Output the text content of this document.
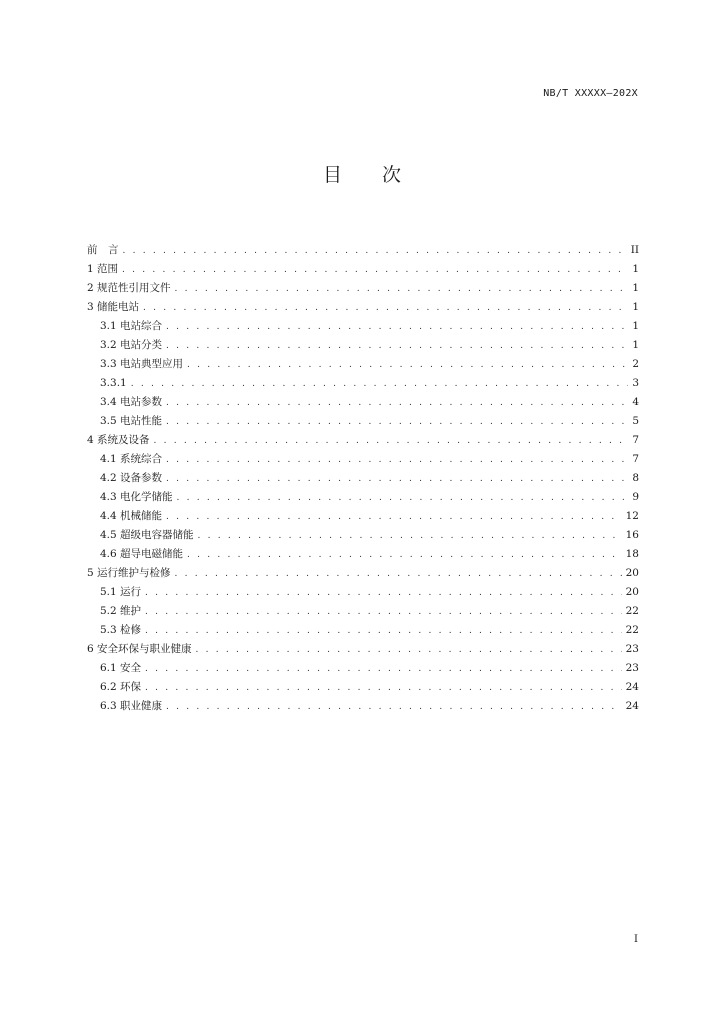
NB/T XXXXX—202X
目 次
前　言 . . .	II
1 范围 . . .	1
2 规范性引用文件 . . .	1
3 储能电站 . . .	1
3.1 电站综合 . . .	1
3.2 电站分类 . . .	1
3.3 电站典型应用 . . .	2
3.3.1 . . .	3
3.4 电站参数 . . .	4
3.5 电站性能 . . .	5
4 系统及设备 . . .	7
4.1 系统综合 . . .	7
4.2 设备参数 . . .	8
4.3 电化学储能 . . .	9
4.4 机械储能 . . .	12
4.5 超级电容器储能 . . .	16
4.6 超导电磁储能 . . .	18
5 运行维护与检修 . . .	20
5.1 运行 . . .	20
5.2 维护 . . .	22
5.3 检修 . . .	22
6 安全环保与职业健康 . . .	23
6.1 安全 . . .	23
6.2 环保 . . .	24
6.3 职业健康 . . .	24
I
